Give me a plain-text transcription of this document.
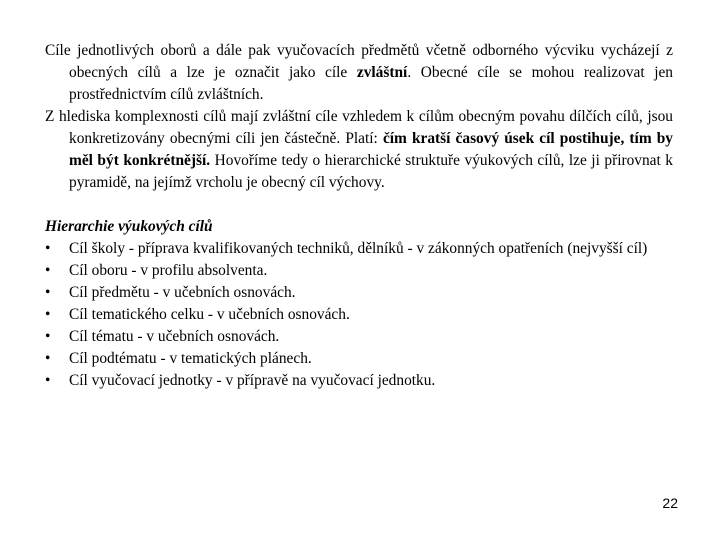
Cíle jednotlivých oborů a dále pak vyučovacích předmětů včetně odborného výcviku vycházejí z obecných cílů a lze je označit jako cíle zvláštní. Obecné cíle se mohou realizovat jen prostřednictvím cílů zvláštních.

Z hlediska komplexnosti cílů mají zvláštní cíle vzhledem k cílům obecným povahu dílčích cílů, jsou konkretizovány obecnými cíli jen částečně. Platí: čím kratší časový úsek cíl postihuje, tím by měl být konkrétnější. Hovoříme tedy o hierarchické struktuře výukových cílů, lze ji přirovnat k pyramidě, na jejímž vrcholu je obecný cíl výchovy.

Hierarchie výukových cílů

• Cíl školy - příprava kvalifikovaných techniků, dělníků - v zákonných opatřeních (nejvyšší cíl)
• Cíl oboru - v profilu absolventa.
• Cíl předmětu - v učebních osnovách.
• Cíl tematického celku - v učebních osnovách.
• Cíl tématu - v učebních osnovách.
• Cíl podtématu - v tematických plánech.
• Cíl vyučovací jednotky - v přípravě na vyučovací jednotku.
22
